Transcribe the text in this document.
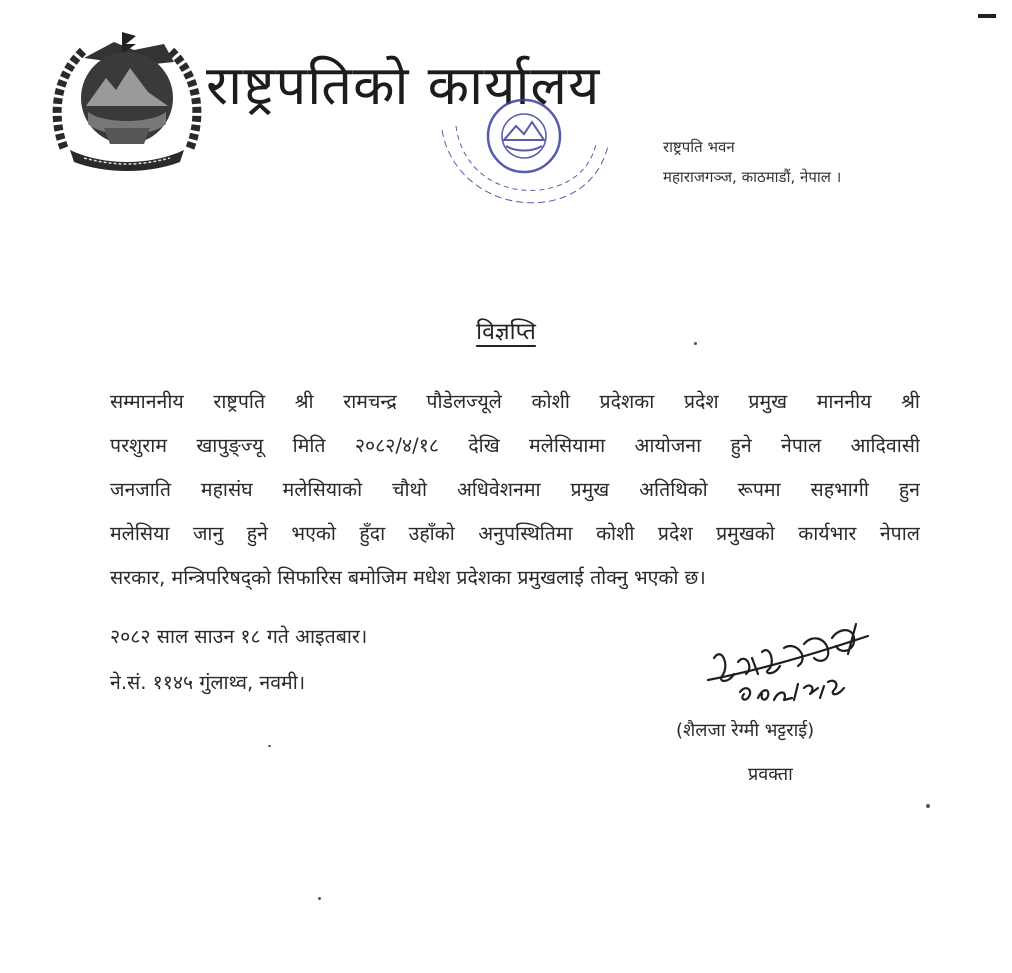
राष्ट्रपतिको कार्यालय
राष्ट्रपति भवन
महाराजगञ्ज, काठमाडौं, नेपाल ।
विज्ञप्ति
सम्माननीय राष्ट्रपति श्री रामचन्द्र पौडेलज्यूले कोशी प्रदेशका प्रदेश प्रमुख माननीय श्री
परशुराम खापुङ्ज्यू मिति २०८२/४/१८ देखि मलेसियामा आयोजना हुने नेपाल आदिवासी
जनजाति महासंघ मलेसियाको चौथो अधिवेशनमा प्रमुख अतिथिको रूपमा सहभागी हुन
मलेसिया जानु हुने भएको हुँदा उहाँको अनुपस्थितिमा कोशी प्रदेश प्रमुखको कार्यभार नेपाल
सरकार, मन्त्रिपरिषद्को सिफारिस बमोजिम मधेश प्रदेशका प्रमुखलाई तोक्नु भएको छ।
२०८२ साल साउन १८ गते आइतबार।
ने.सं. ११४५ गुंलाथ्व, नवमी।
(शैलजा रेग्मी भट्टराई)
प्रवक्ता
